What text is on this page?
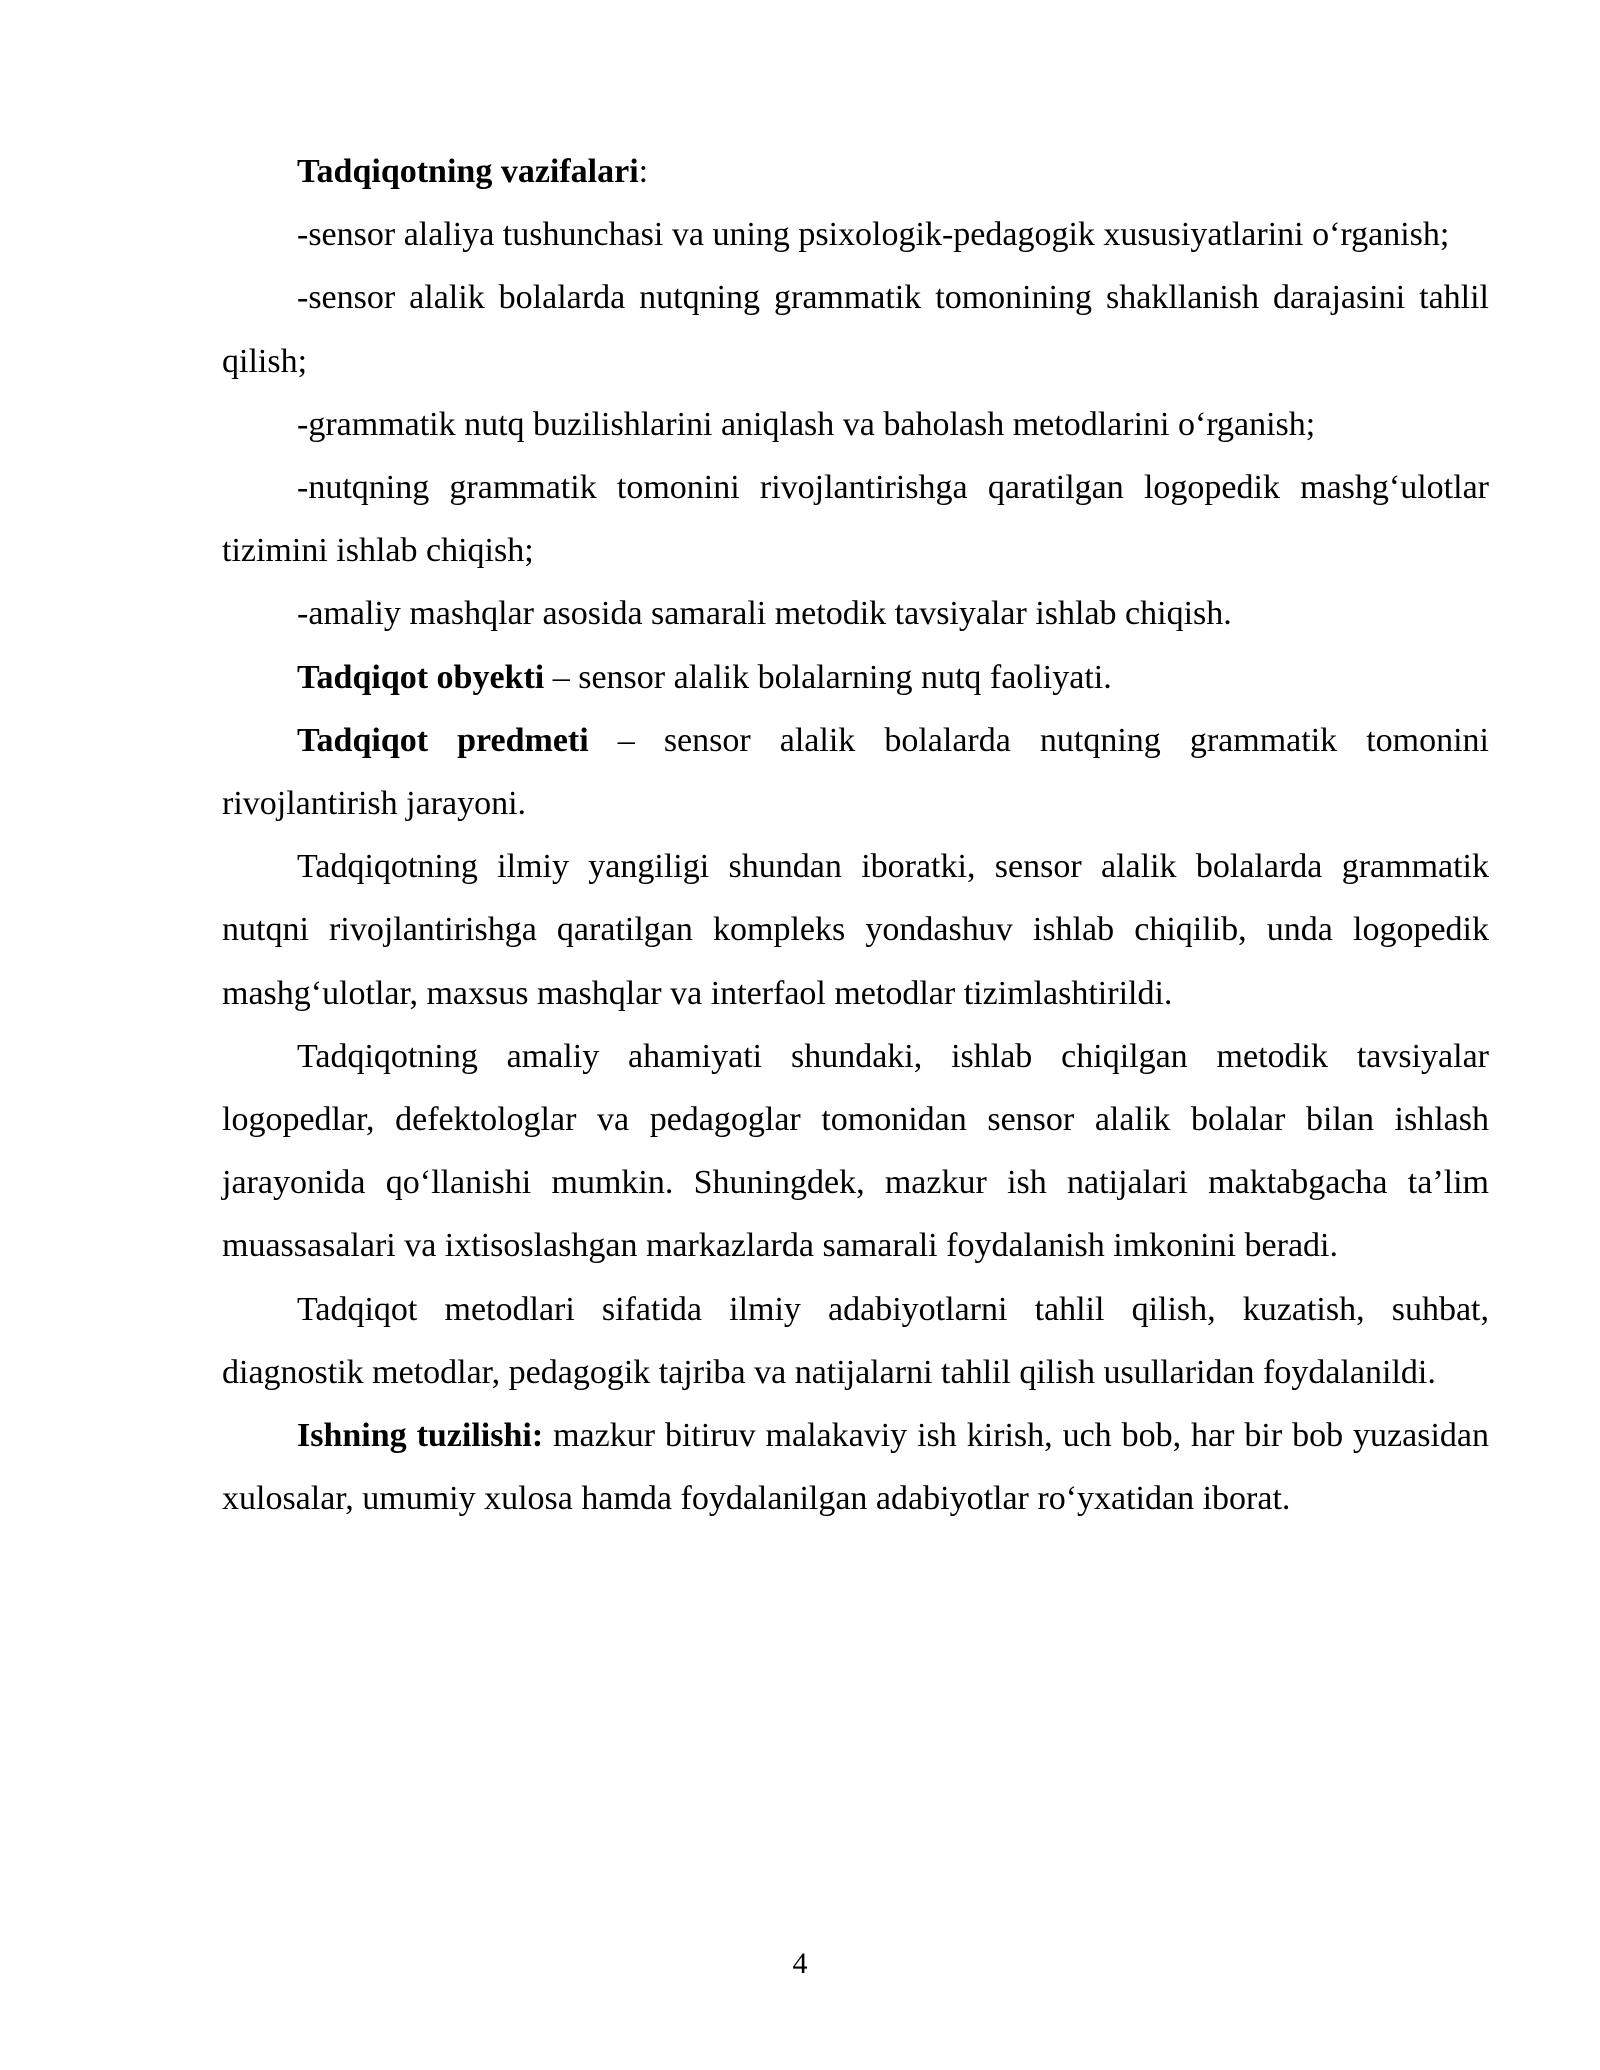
Tadqiqotning vazifalari:

-sensor alaliya tushunchasi va uning psixologik-pedagogik xususiyatlarini o‘rganish;

-sensor alalik bolalarda nutqning grammatik tomonining shakllanish darajasini tahlil qilish;

-grammatik nutq buzilishlarini aniqlash va baholash metodlarini o‘rganish;

-nutqning grammatik tomonini rivojlantirishga qaratilgan logopedik mashg‘ulotlar tizimini ishlab chiqish;

-amaliy mashqlar asosida samarali metodik tavsiyalar ishlab chiqish.

Tadqiqot obyekti – sensor alalik bolalarning nutq faoliyati.

Tadqiqot predmeti – sensor alalik bolalarda nutqning grammatik tomonini rivojlantirish jarayoni.

Tadqiqotning ilmiy yangiligi shundan iboratki, sensor alalik bolalarda grammatik nutqni rivojlantirishga qaratilgan kompleks yondashuv ishlab chiqilib, unda logopedik mashg‘ulotlar, maxsus mashqlar va interfaol metodlar tizimlashtirildi.

Tadqiqotning amaliy ahamiyati shundaki, ishlab chiqilgan metodik tavsiyalar logopedlar, defektologlar va pedagoglar tomonidan sensor alalik bolalar bilan ishlash jarayonida qo‘llanishi mumkin. Shuningdek, mazkur ish natijalari maktabgacha ta’lim muassasalari va ixtisoslashgan markazlarda samarali foydalanish imkonini beradi.

Tadqiqot metodlari sifatida ilmiy adabiyotlarni tahlil qilish, kuzatish, suhbat, diagnostik metodlar, pedagogik tajriba va natijalarni tahlil qilish usullaridan foydalanildi.

Ishning tuzilishi: mazkur bitiruv malakaviy ish kirish, uch bob, har bir bob yuzasidan xulosalar, umumiy xulosa hamda foydalanilgan adabiyotlar ro‘yxatidan iborat.

4
